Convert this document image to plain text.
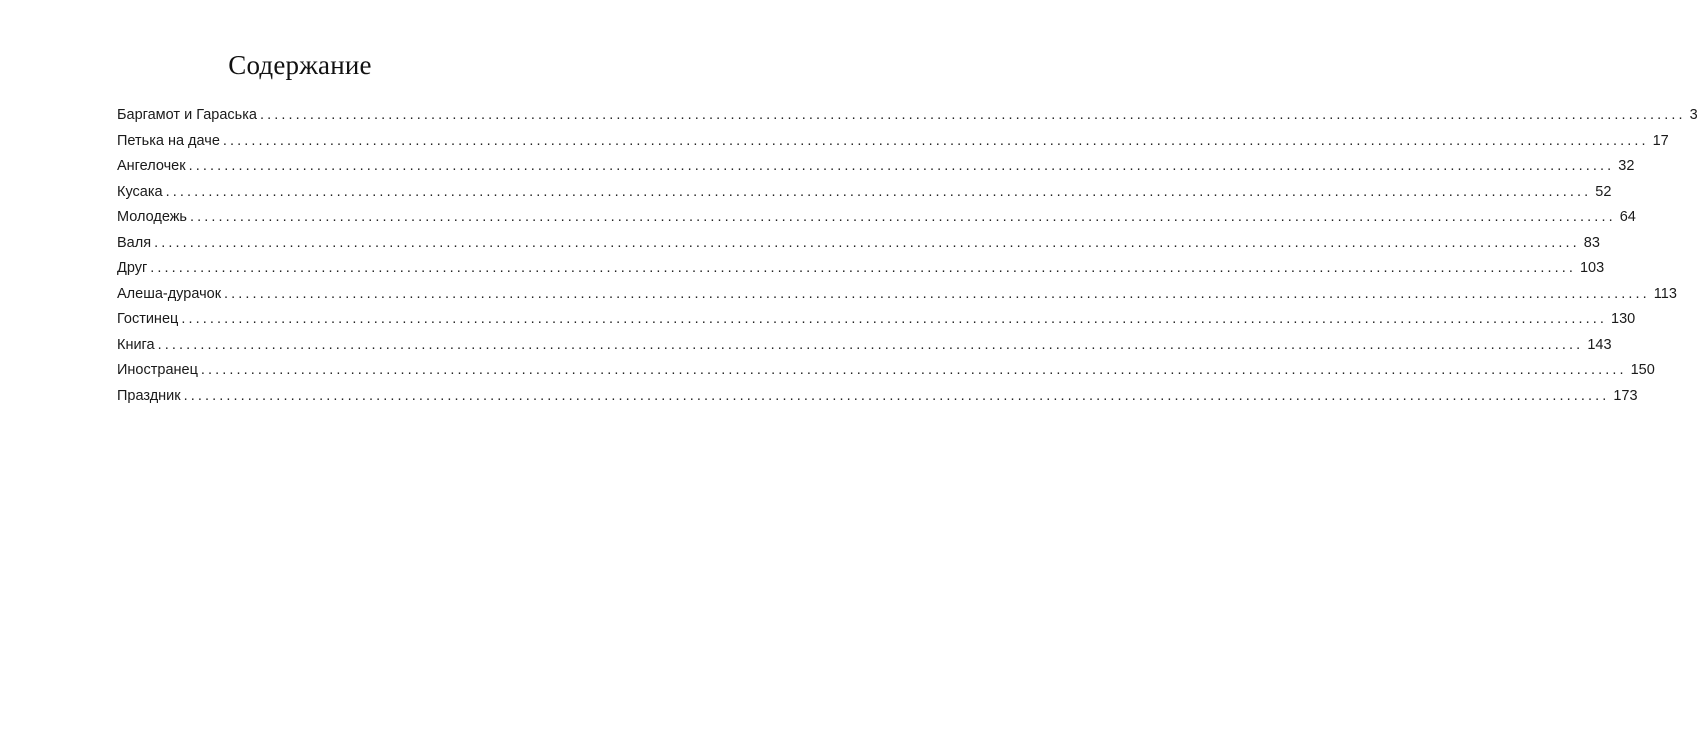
Содержание
Баргамот и Гараська ........................................................................................................................................................................................................ 3
Петька на даче ........................................................................................................................................................................................................ 17
Ангелочек ........................................................................................................................................................................................................ 32
Кусака ........................................................................................................................................................................................................ 52
Молодежь ........................................................................................................................................................................................................ 64
Валя ........................................................................................................................................................................................................ 83
Друг ........................................................................................................................................................................................................ 103
Алеша-дурачок ........................................................................................................................................................................................................ 113
Гостинец ........................................................................................................................................................................................................ 130
Книга ........................................................................................................................................................................................................ 143
Иностранец ........................................................................................................................................................................................................ 150
Праздник ........................................................................................................................................................................................................ 173
